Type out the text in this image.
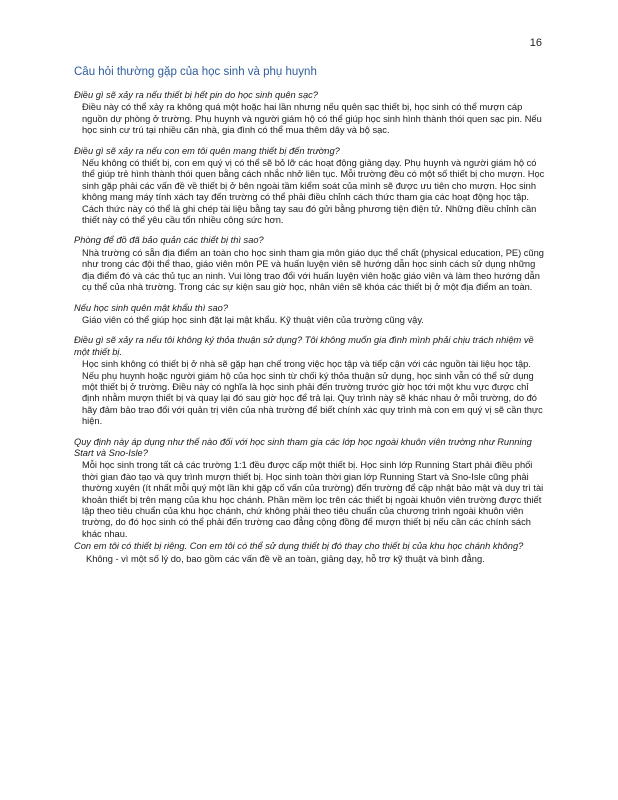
16
Câu hỏi thường gặp của học sinh và phụ huynh
Điều gì sẽ xảy ra nếu thiết bị hết pin do học sinh quên sạc?
Điều này có thể xảy ra không quá một hoặc hai lần nhưng nếu quên sạc thiết bị, học sinh có thể mượn cáp nguồn dự phòng ở trường. Phụ huynh và người giám hộ có thể giúp học sinh hình thành thói quen sạc pin. Nếu học sinh cư trú tại nhiều căn nhà, gia đình có thể mua thêm dây và bộ sạc.
Điều gì sẽ xảy ra nếu con em tôi quên mang thiết bị đến trường?
Nếu không có thiết bị, con em quý vị có thể sẽ bỏ lỡ các hoạt động giảng dạy. Phụ huynh và người giám hộ có thể giúp trẻ hình thành thói quen bằng cách nhắc nhở liên tục. Mỗi trường đều có một số thiết bị cho mượn. Học sinh gặp phải các vấn đề về thiết bị ở bên ngoài tầm kiểm soát của mình sẽ được ưu tiên cho mượn. Học sinh không mang máy tính xách tay đến trường có thể phải điều chỉnh cách thức tham gia các hoạt động học tập. Cách thức này có thể là ghi chép tài liệu bằng tay sau đó gửi bằng phương tiện điện tử. Những điều chỉnh cần thiết này có thể yêu cầu tốn nhiều công sức hơn.
Phòng để đồ đã bảo quản các thiết bị thì sao?
Nhà trường có sẵn địa điểm an toàn cho học sinh tham gia môn giáo dục thể chất (physical education, PE) cũng như trong các đội thể thao, giáo viên môn PE và huấn luyện viên sẽ hướng dẫn học sinh cách sử dụng những địa điểm đó và các thủ tục an ninh. Vui lòng trao đổi với huấn luyện viên hoặc giáo viên và làm theo hướng dẫn cụ thể của nhà trường. Trong các sự kiện sau giờ học, nhân viên sẽ khóa các thiết bị ở một địa điểm an toàn.
Nếu học sinh quên mật khẩu thì sao?
Giáo viên có thể giúp học sinh đặt lại mật khẩu. Kỹ thuật viên của trường cũng vậy.
Điều gì sẽ xảy ra nếu tôi không ký thỏa thuận sử dụng? Tôi không muốn gia đình mình phải chịu trách nhiệm về một thiết bị.
Học sinh không có thiết bị ở nhà sẽ gặp hạn chế trong việc học tập và tiếp cận với các nguồn tài liệu học tập. Nếu phụ huynh hoặc người giám hộ của học sinh từ chối ký thỏa thuận sử dụng, học sinh vẫn có thể sử dụng một thiết bị ở trường. Điều này có nghĩa là học sinh phải đến trường trước giờ học tới một khu vực được chỉ định nhằm mượn thiết bị và quay lại đó sau giờ học để trả lại. Quy trình này sẽ khác nhau ở mỗi trường, do đó hãy đảm bảo trao đổi với quản trị viên của nhà trường để biết chính xác quy trình mà con em quý vị sẽ cần thực hiện.
Quy định này áp dụng như thế nào đối với học sinh tham gia các lớp học ngoài khuôn viên trường như Running Start và Sno-Isle?
Mỗi học sinh trong tất cả các trường 1:1 đều được cấp một thiết bị. Học sinh lớp Running Start phải điều phối thời gian đào tạo và quy trình mượn thiết bị. Học sinh toàn thời gian lớp Running Start và Sno-Isle cũng phải thường xuyên (ít nhất mỗi quý một lần khi gặp cố vấn của trường) đến trường để cập nhật bảo mật và duy trì tài khoản thiết bị trên mạng của khu học chánh. Phần mềm lọc trên các thiết bị ngoài khuôn viên trường được thiết lập theo tiêu chuẩn của khu học chánh, chứ không phải theo tiêu chuẩn của chương trình ngoài khuôn viên trường, do đó học sinh có thể phải đến trường cao đẳng cộng đồng để mượn thiết bị nếu cần các chính sách khác nhau.
Con em tôi có thiết bị riêng. Con em tôi có thể sử dụng thiết bị đó thay cho thiết bị của khu học chánh không?
Không - vì một số lý do, bao gồm các vấn đề về an toàn, giảng dạy, hỗ trợ kỹ thuật và bình đẳng.
